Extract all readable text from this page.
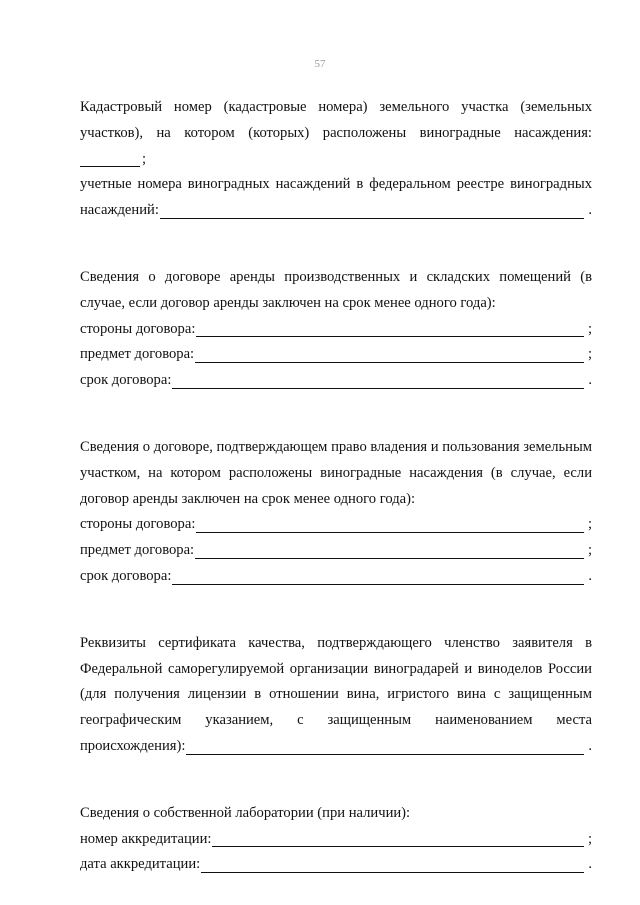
57
Кадастровый номер (кадастровые номера) земельного участка (земельных
участков), на котором (которых) расположены виноградные насаждения:
;
учетные номера виноградных насаждений в федеральном реестре виноградных
насаждений:	.
Сведения о договоре аренды производственных и складских помещений (в
случае, если договор аренды заключен на срок менее одного года):
стороны договора:	;
предмет договора:	;
срок договора:	.
Сведения о договоре, подтверждающем право владения и пользования земельным
участком, на котором расположены виноградные насаждения (в случае, если
договор аренды заключен на срок менее одного года):
стороны договора:	;
предмет договора:	;
срок договора:	.
Реквизиты сертификата качества, подтверждающего членство заявителя в
Федеральной саморегулируемой организации виноградарей и виноделов России
(для получения лицензии в отношении вина, игристого вина с защищенным
географическим указанием, с защищенным наименованием места
происхождения):	.
Сведения о собственной лаборатории (при наличии):
номер аккредитации:	;
дата аккредитации:	.
